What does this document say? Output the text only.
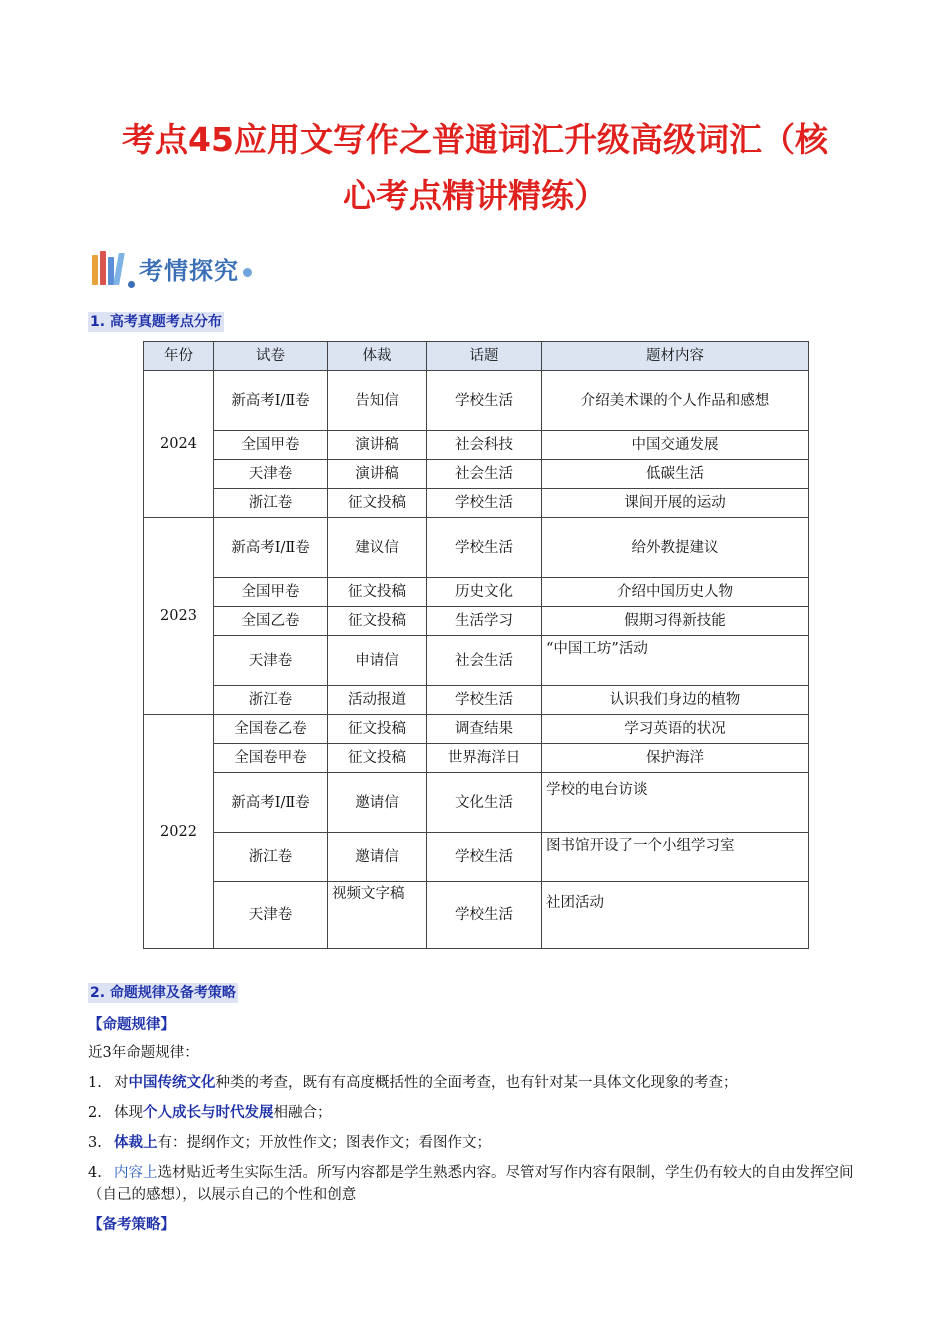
考点45应用文写作之普通词汇升级高级词汇（核
心考点精讲精练）
考情探究
1. 高考真题考点分布
年份	试卷	体裁	话题	题材内容
2024	新高考Ⅰ/Ⅱ卷	告知信	学校生活	介绍美术课的个人作品和感想
	全国甲卷	演讲稿	社会科技	中国交通发展
	天津卷	演讲稿	社会生活	低碳生活
	浙江卷	征文投稿	学校生活	课间开展的运动
2023	新高考Ⅰ/Ⅱ卷	建议信	学校生活	给外教提建议
	全国甲卷	征文投稿	历史文化	介绍中国历史人物
	全国乙卷	征文投稿	生活学习	假期习得新技能
	天津卷	申请信	社会生活	“中国工坊”活动
	浙江卷	活动报道	学校生活	认识我们身边的植物
2022	全国卷乙卷	征文投稿	调查结果	学习英语的状况
	全国卷甲卷	征文投稿	世界海洋日	保护海洋
	新高考Ⅰ/Ⅱ卷	邀请信	文化生活	学校的电台访谈
	浙江卷	邀请信	学校生活	图书馆开设了一个小组学习室
	天津卷	视频文字稿	学校生活	社团活动
2. 命题规律及备考策略
【命题规律】
近3年命题规律：
1. 对中国传统文化种类的考查，既有有高度概括性的全面考查，也有针对某一具体文化现象的考查；
2. 体现个人成长与时代发展相融合；
3. 体裁上有：提纲作文；开放性作文；图表作文；看图作文；
4. 内容上选材贴近考生实际生活。所写内容都是学生熟悉内容。尽管对写作内容有限制，学生仍有较大的自由发挥空间（自己的感想），以展示自己的个性和创意
【备考策略】
